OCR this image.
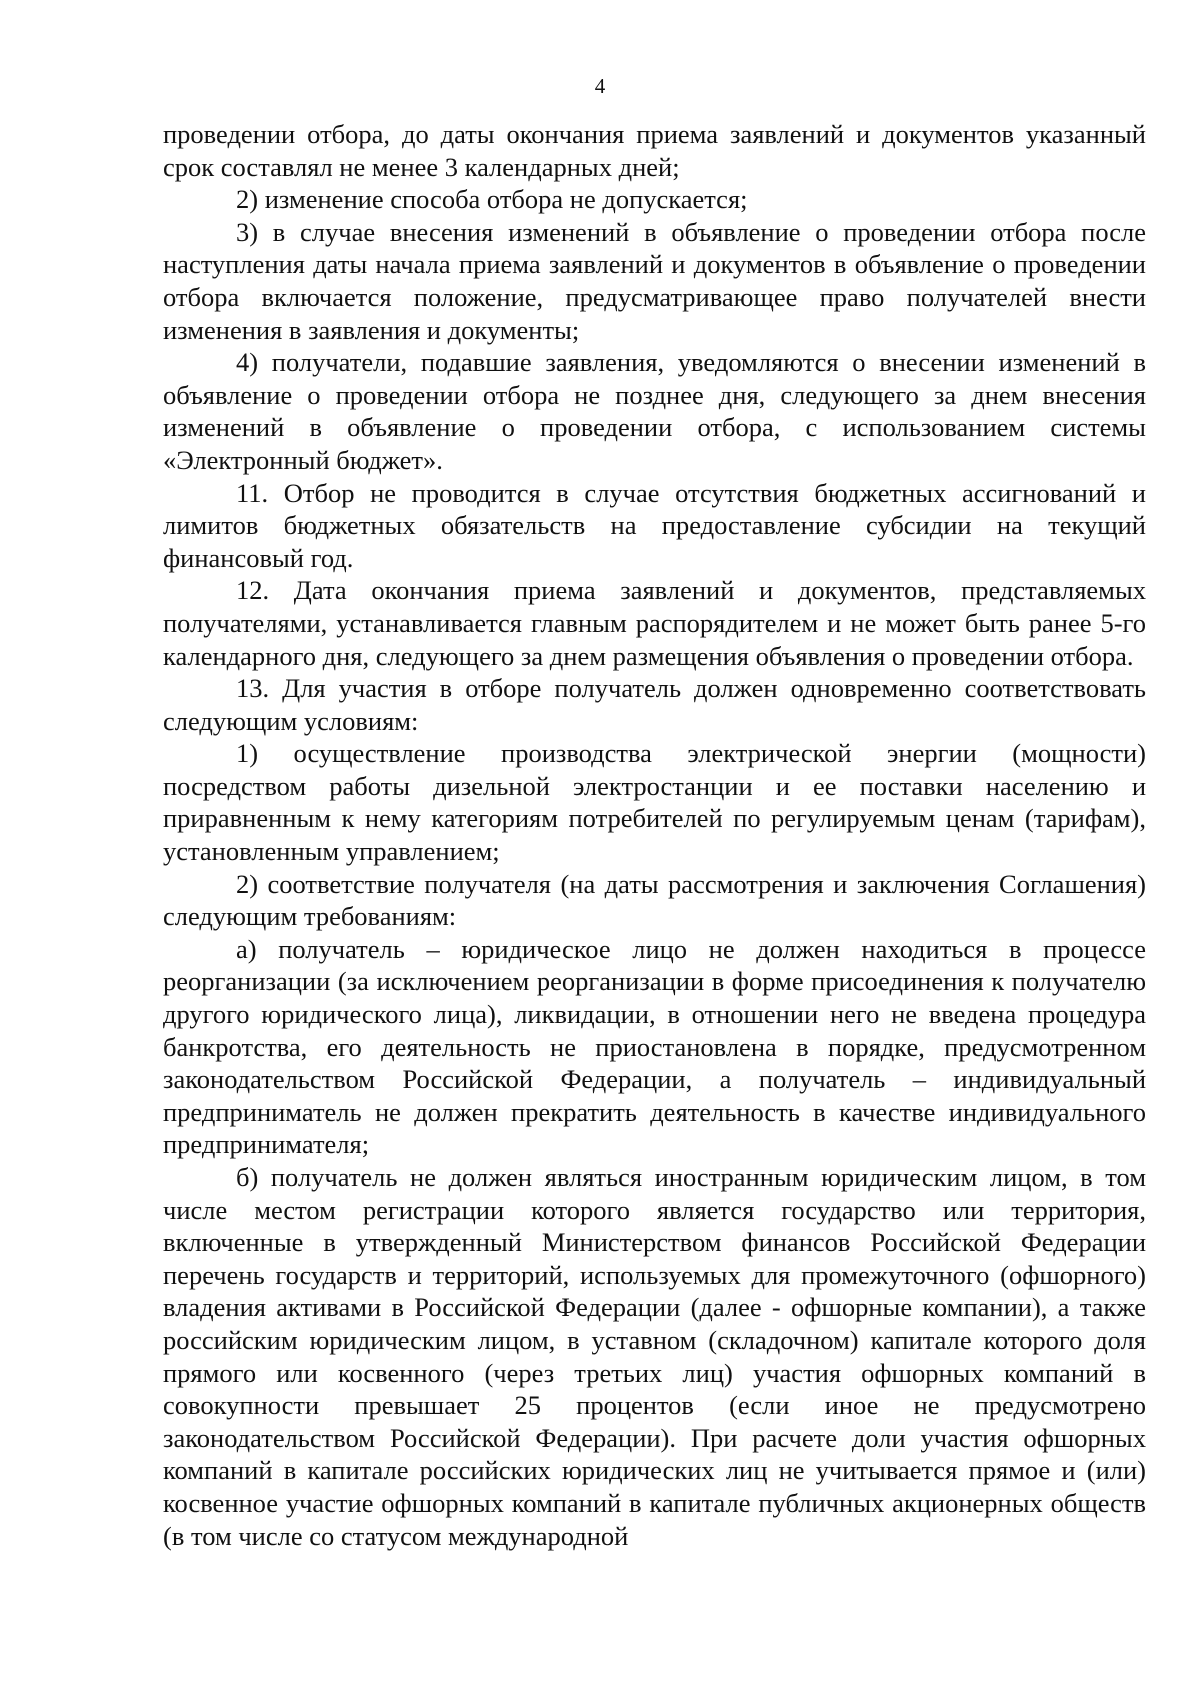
4

проведении отбора, до даты окончания приема заявлений и документов указанный срок составлял не менее 3 календарных дней;

2) изменение способа отбора не допускается;

3) в случае внесения изменений в объявление о проведении отбора после наступления даты начала приема заявлений и документов в объявление о проведении отбора включается положение, предусматривающее право получателей внести изменения в заявления и документы;

4) получатели, подавшие заявления, уведомляются о внесении изменений в объявление о проведении отбора не позднее дня, следующего за днем внесения изменений в объявление о проведении отбора, с использованием системы «Электронный бюджет».

11. Отбор не проводится в случае отсутствия бюджетных ассигнований и лимитов бюджетных обязательств на предоставление субсидии на текущий финансовый год.

12. Дата окончания приема заявлений и документов, представляемых получателями, устанавливается главным распорядителем и не может быть ранее 5-го календарного дня, следующего за днем размещения объявления о проведении отбора.

13. Для участия в отборе получатель должен одновременно соответствовать следующим условиям:

1) осуществление производства электрической энергии (мощности) посредством работы дизельной электростанции и ее поставки населению и приравненным к нему категориям потребителей по регулируемым ценам (тарифам), установленным управлением;

2) соответствие получателя (на даты рассмотрения и заключения Соглашения) следующим требованиям:

а) получатель – юридическое лицо не должен находиться в процессе реорганизации (за исключением реорганизации в форме присоединения к получателю другого юридического лица), ликвидации, в отношении него не введена процедура банкротства, его деятельность не приостановлена в порядке, предусмотренном законодательством Российской Федерации, а получатель – индивидуальный предприниматель не должен прекратить деятельность в качестве индивидуального предпринимателя;

б) получатель не должен являться иностранным юридическим лицом, в том числе местом регистрации которого является государство или территория, включенные в утвержденный Министерством финансов Российской Федерации перечень государств и территорий, используемых для промежуточного (офшорного) владения активами в Российской Федерации (далее - офшорные компании), а также российским юридическим лицом, в уставном (складочном) капитале которого доля прямого или косвенного (через третьих лиц) участия офшорных компаний в совокупности превышает 25 процентов (если иное не предусмотрено законодательством Российской Федерации). При расчете доли участия офшорных компаний в капитале российских юридических лиц не учитывается прямое и (или) косвенное участие офшорных компаний в капитале публичных акционерных обществ (в том числе со статусом международной
